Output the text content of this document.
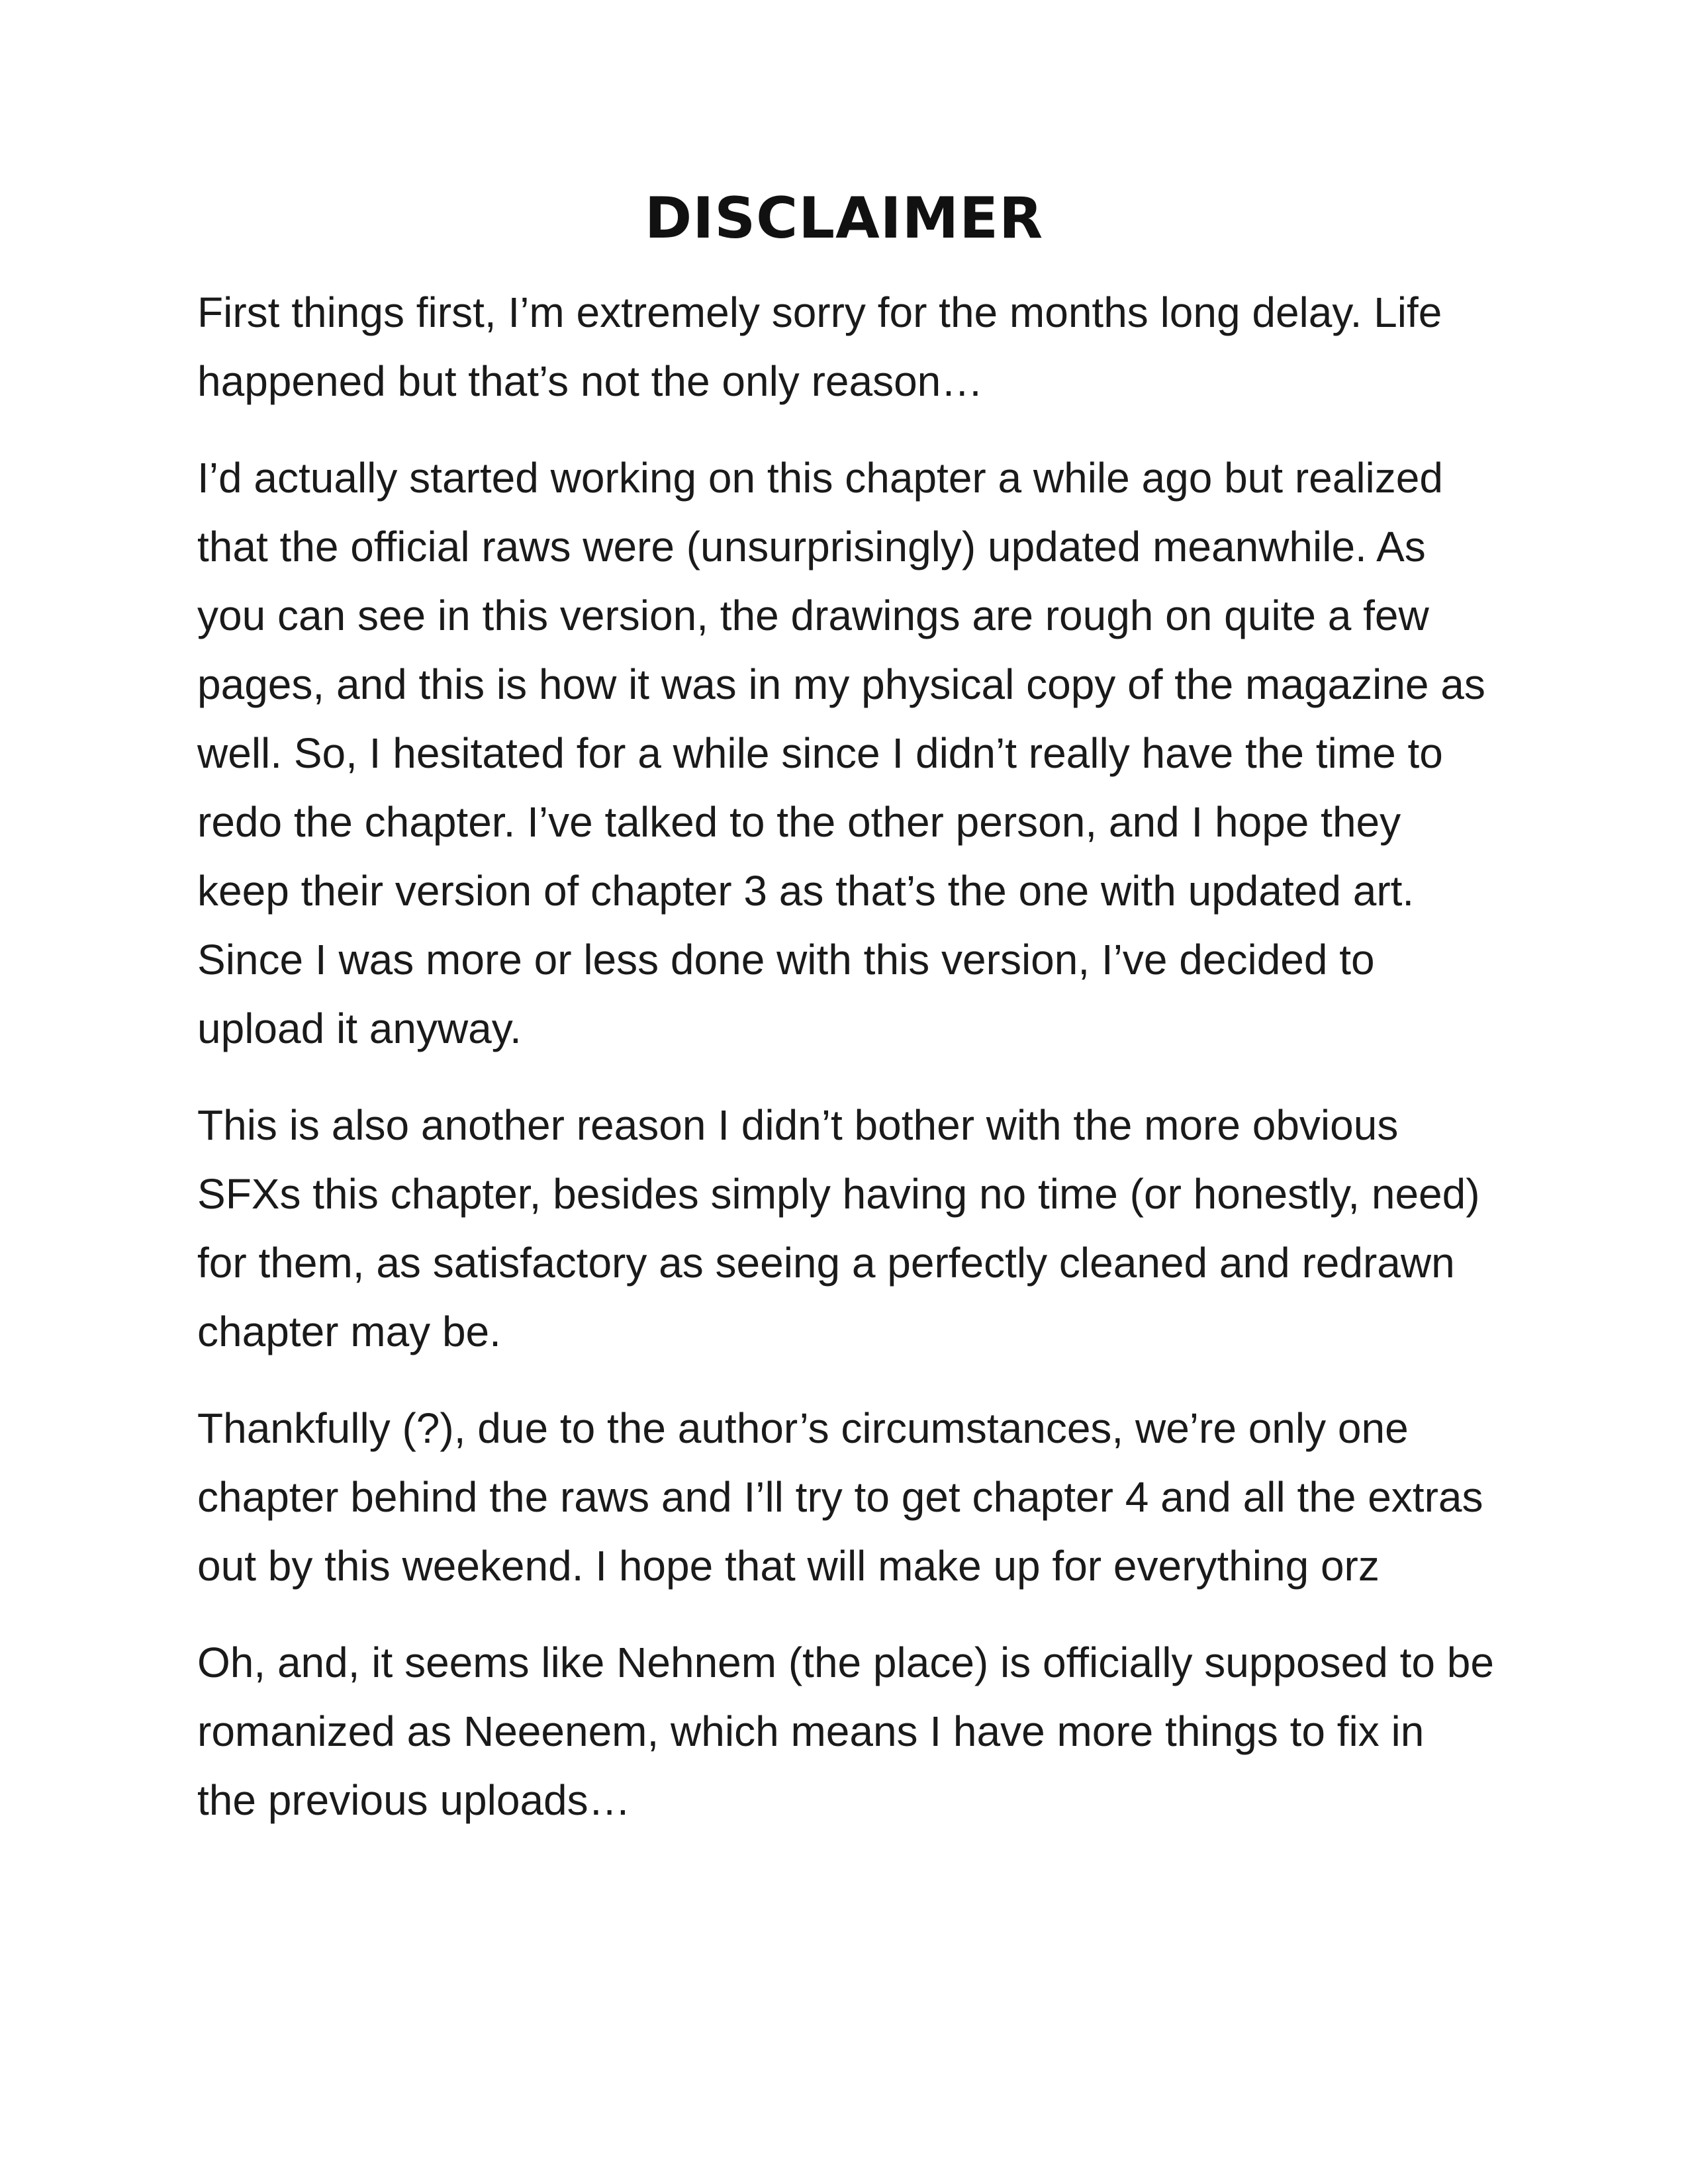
DISCLAIMER

First things first, I’m extremely sorry for the months long delay. Life happened but that’s not the only reason…

I’d actually started working on this chapter a while ago but realized that the official raws were (unsurprisingly) updated meanwhile. As you can see in this version, the drawings are rough on quite a few pages, and this is how it was in my physical copy of the magazine as well. So, I hesitated for a while since I didn’t really have the time to redo the chapter. I’ve talked to the other person, and I hope they keep their version of chapter 3 as that’s the one with updated art. Since I was more or less done with this version, I’ve decided to upload it anyway.

This is also another reason I didn’t bother with the more obvious SFXs this chapter, besides simply having no time (or honestly, need) for them, as satisfactory as seeing a perfectly cleaned and redrawn chapter may be.

Thankfully (?), due to the author’s circumstances, we’re only one chapter behind the raws and I’ll try to get chapter 4 and all the extras out by this weekend. I hope that will make up for everything orz

Oh, and, it seems like Nehnem (the place) is officially supposed to be romanized as Neeenem, which means I have more things to fix in the previous uploads…
